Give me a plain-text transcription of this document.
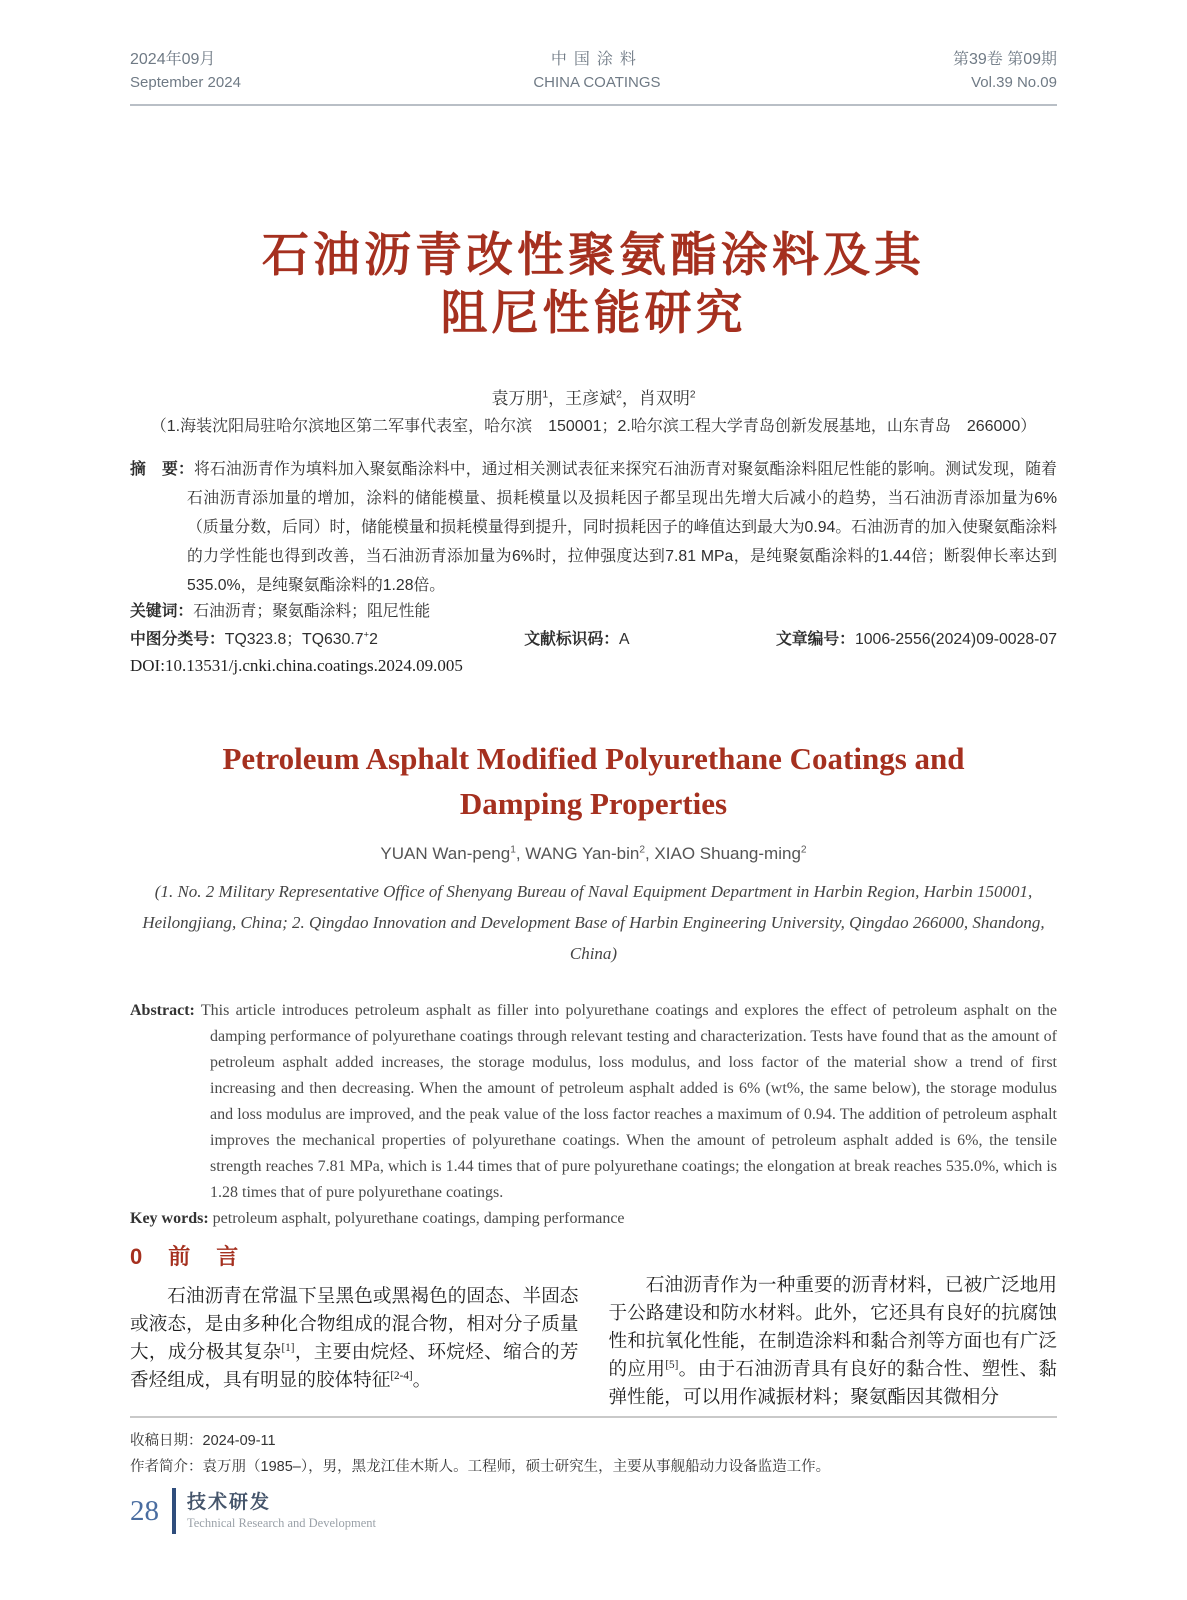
2024年09月
September 2024
中国涂料
CHINA COATINGS
第39卷 第09期
Vol.39 No.09
石油沥青改性聚氨酯涂料及其
阻尼性能研究
袁万朋$^1$，王彦斌$^2$，肖双明$^2$
（1.海装沈阳局驻哈尔滨地区第二军事代表室，哈尔滨　150001；2.哈尔滨工程大学青岛创新发展基地，山东青岛　266000）
摘　要：将石油沥青作为填料加入聚氨酯涂料中，通过相关测试表征来探究石油沥青对聚氨酯涂料阻尼性能的影响。测试发现，随着石油沥青添加量的增加，涂料的储能模量、损耗模量以及损耗因子都呈现出先增大后减小的趋势，当石油沥青添加量为6%（质量分数，后同）时，储能模量和损耗模量得到提升，同时损耗因子的峰值达到最大为0.94。石油沥青的加入使聚氨酯涂料的力学性能也得到改善，当石油沥青添加量为6%时，拉伸强度达到7.81 MPa，是纯聚氨酯涂料的1.44倍；断裂伸长率达到535.0%，是纯聚氨酯涂料的1.28倍。
关键词：石油沥青；聚氨酯涂料；阻尼性能
中图分类号：TQ323.8；TQ630.7+2	文献标识码：A	文章编号：1006-2556(2024)09-0028-07
DOI:10.13531/j.cnki.china.coatings.2024.09.005
Petroleum Asphalt Modified Polyurethane Coatings and
Damping Properties
YUAN Wan-peng$^1$, WANG Yan-bin$^2$, XIAO Shuang-ming$^2$
(1. No. 2 Military Representative Office of Shenyang Bureau of Naval Equipment Department in Harbin Region, Harbin 150001, Heilongjiang, China; 2. Qingdao Innovation and Development Base of Harbin Engineering University, Qingdao 266000, Shandong, China)
Abstract: This article introduces petroleum asphalt as filler into polyurethane coatings and explores the effect of petroleum asphalt on the damping performance of polyurethane coatings through relevant testing and characterization. Tests have found that as the amount of petroleum asphalt added increases, the storage modulus, loss modulus, and loss factor of the material show a trend of first increasing and then decreasing. When the amount of petroleum asphalt added is 6% (wt%, the same below), the storage modulus and loss modulus are improved, and the peak value of the loss factor reaches a maximum of 0.94. The addition of petroleum asphalt improves the mechanical properties of polyurethane coatings. When the amount of petroleum asphalt added is 6%, the tensile strength reaches 7.81 MPa, which is 1.44 times that of pure polyurethane coatings; the elongation at break reaches 535.0%, which is 1.28 times that of pure polyurethane coatings.
Key words: petroleum asphalt, polyurethane coatings, damping performance
0 前　言

石油沥青在常温下呈黑色或黑褐色的固态、半固态或液态，是由多种化合物组成的混合物，相对分子质量大，成分极其复杂[1]，主要由烷烃、环烷烃、缩合的芳香烃组成，具有明显的胶体特征[2-4]。

石油沥青作为一种重要的沥青材料，已被广泛地用于公路建设和防水材料。此外，它还具有良好的抗腐蚀性和抗氧化性能，在制造涂料和黏合剂等方面也有广泛的应用[5]。由于石油沥青具有良好的黏合性、塑性、黏弹性能，可以用作减振材料；聚氨酯因其微相分

收稿日期：2024-09-11
作者简介：袁万朋（1985–），男，黑龙江佳木斯人。工程师，硕士研究生，主要从事舰船动力设备监造工作。
28 技术研发
Technical Research and Development
